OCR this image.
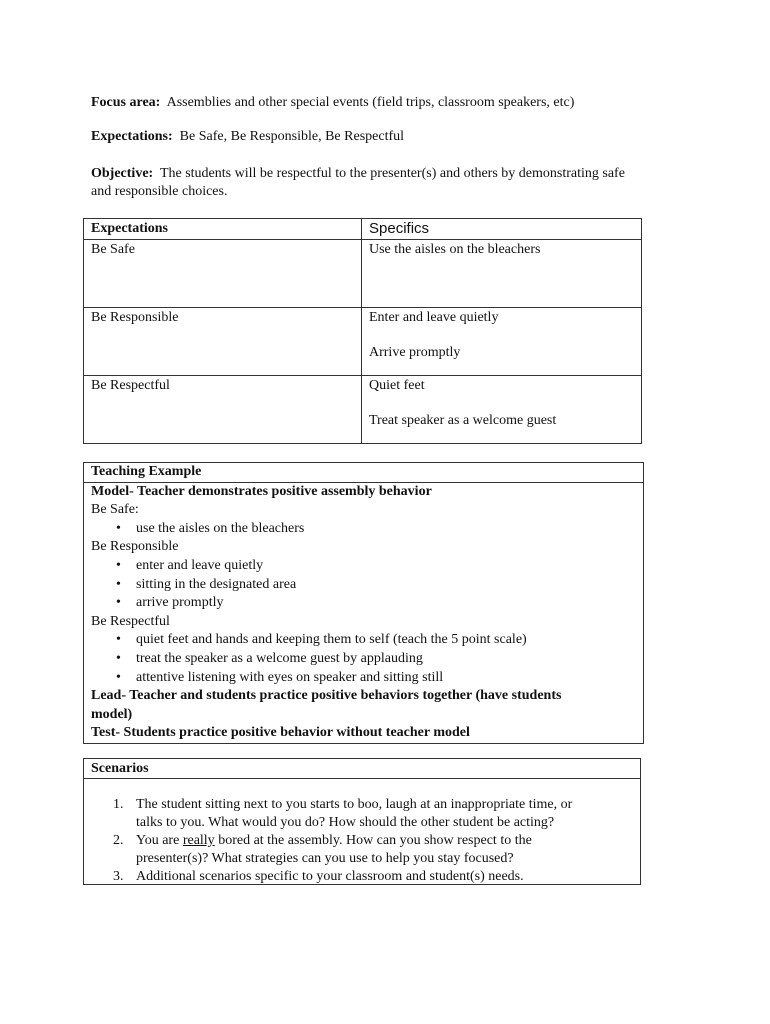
Focus area: Assemblies and other special events (field trips, classroom speakers, etc)

Expectations: Be Safe, Be Responsible, Be Respectful

Objective: The students will be respectful to the presenter(s) and others by demonstrating safe

and responsible choices.

Expectations	Specifics
Be Safe	Use the aisles on the bleachers
Be Responsible	Enter and leave quietly
Arrive promptly

Be Respectful	Quiet feet
Treat speaker as a welcome guest
Teaching Example
Model- Teacher demonstrates positive assembly behavior
Be Safe:
• use the aisles on the bleachers
Be Responsible
• enter and leave quietly
• sitting in the designated area
• arrive promptly
Be Respectful
• quiet feet and hands and keeping them to self (teach the 5 point scale)
• treat the speaker as a welcome guest by applauding
• attentive listening with eyes on speaker and sitting still
Lead- Teacher and students practice positive behaviors together (have students
model)
Test- Students practice positive behavior without teacher model
Scenarios
1. The student sitting next to you starts to boo, laugh at an inappropriate time, or
talks to you. What would you do? How should the other student be acting?
2. You are really bored at the assembly. How can you show respect to the
presenter(s)? What strategies can you use to help you stay focused?
3. Additional scenarios specific to your classroom and student(s) needs.
